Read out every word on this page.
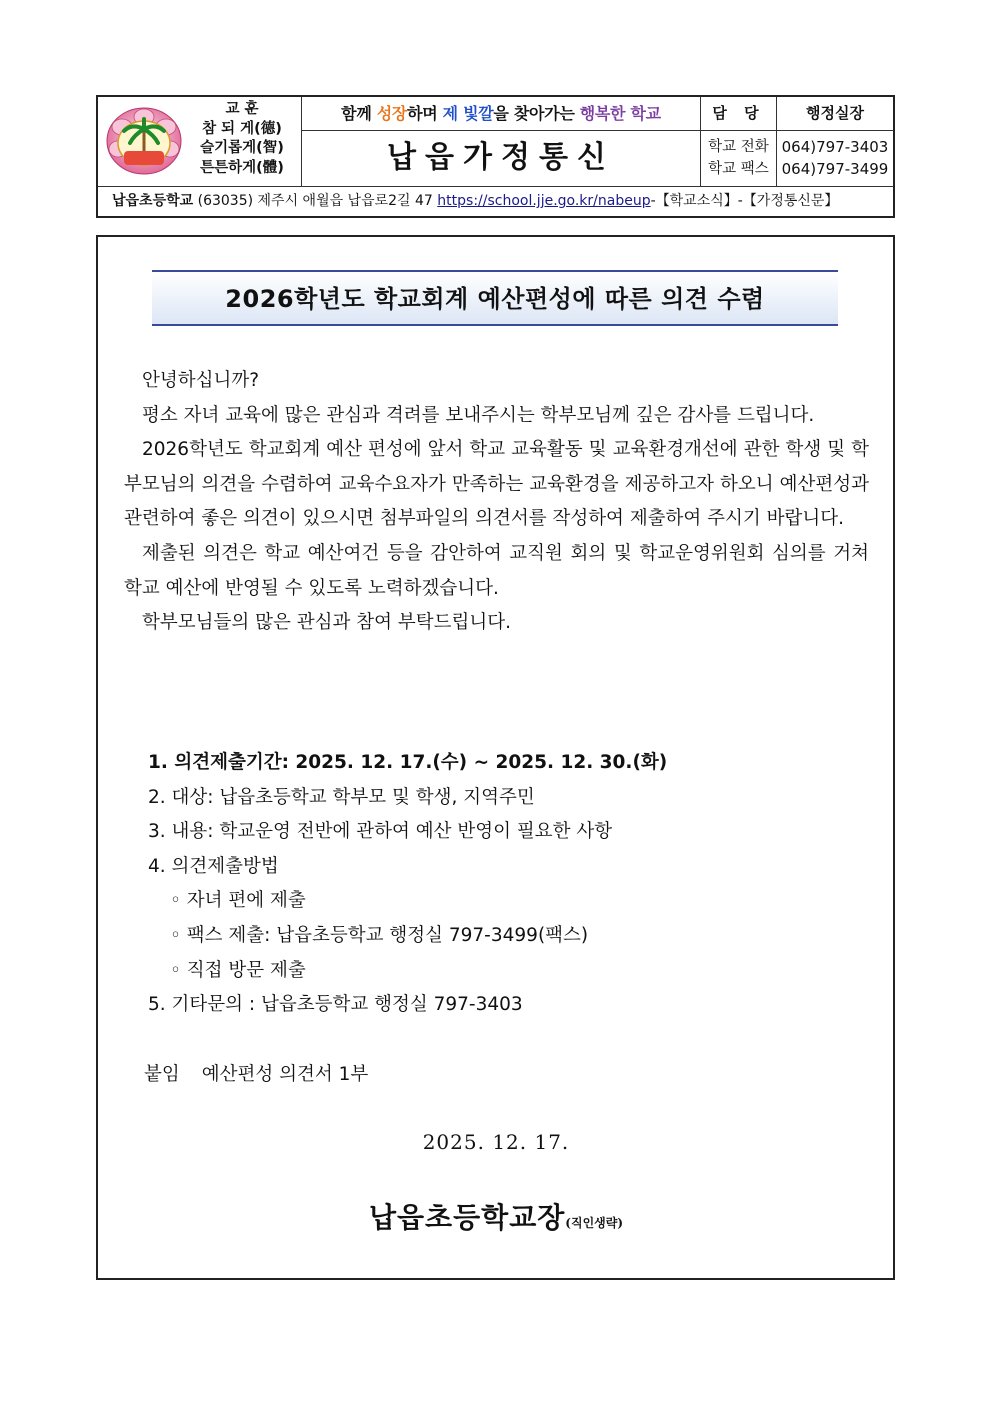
교 훈
참 되 게(德)
슬기롭게(智)
튼튼하게(體)
함께 성장하며 제 빛깔을 찾아가는 행복한 학교
납읍가정통신
담 당	행정실장
학교 전화
학교 팩스
064)797-3403
064)797-3499
납읍초등학교 (63035) 제주시 애월읍 납읍로2길 47 https://school.jje.go.kr/nabeup-【학교소식】-【가정통신문】
2026학년도 학교회계 예산편성에 따른 의견 수렴

안녕하십니까?

평소 자녀 교육에 많은 관심과 격려를 보내주시는 학부모님께 깊은 감사를 드립니다.

2026학년도 학교회계 예산 편성에 앞서 학교 교육활동 및 교육환경개선에 관한 학생 및 학부모님의 의견을 수렴하여 교육수요자가 만족하는 교육환경을 제공하고자 하오니 예산편성과 관련하여 좋은 의견이 있으시면 첨부파일의 의견서를 작성하여 제출하여 주시기 바랍니다.

제출된 의견은 학교 예산여건 등을 감안하여 교직원 회의 및 학교운영위원회 심의를 거쳐 학교 예산에 반영될 수 있도록 노력하겠습니다.

학부모님들의 많은 관심과 참여 부탁드립니다.

1. 의견제출기간: 2025. 12. 17.(수) ~ 2025. 12. 30.(화)
2. 대상: 납읍초등학교 학부모 및 학생, 지역주민
3. 내용: 학교운영 전반에 관하여 예산 반영이 필요한 사항
4. 의견제출방법
◦ 자녀 편에 제출
◦ 팩스 제출: 납읍초등학교 행정실 797-3499(팩스)
◦ 직접 방문 제출
5. 기타문의 : 납읍초등학교 행정실 797-3403
붙임 예산편성 의견서 1부
2025. 12. 17.
납읍초등학교장(직인생략)
